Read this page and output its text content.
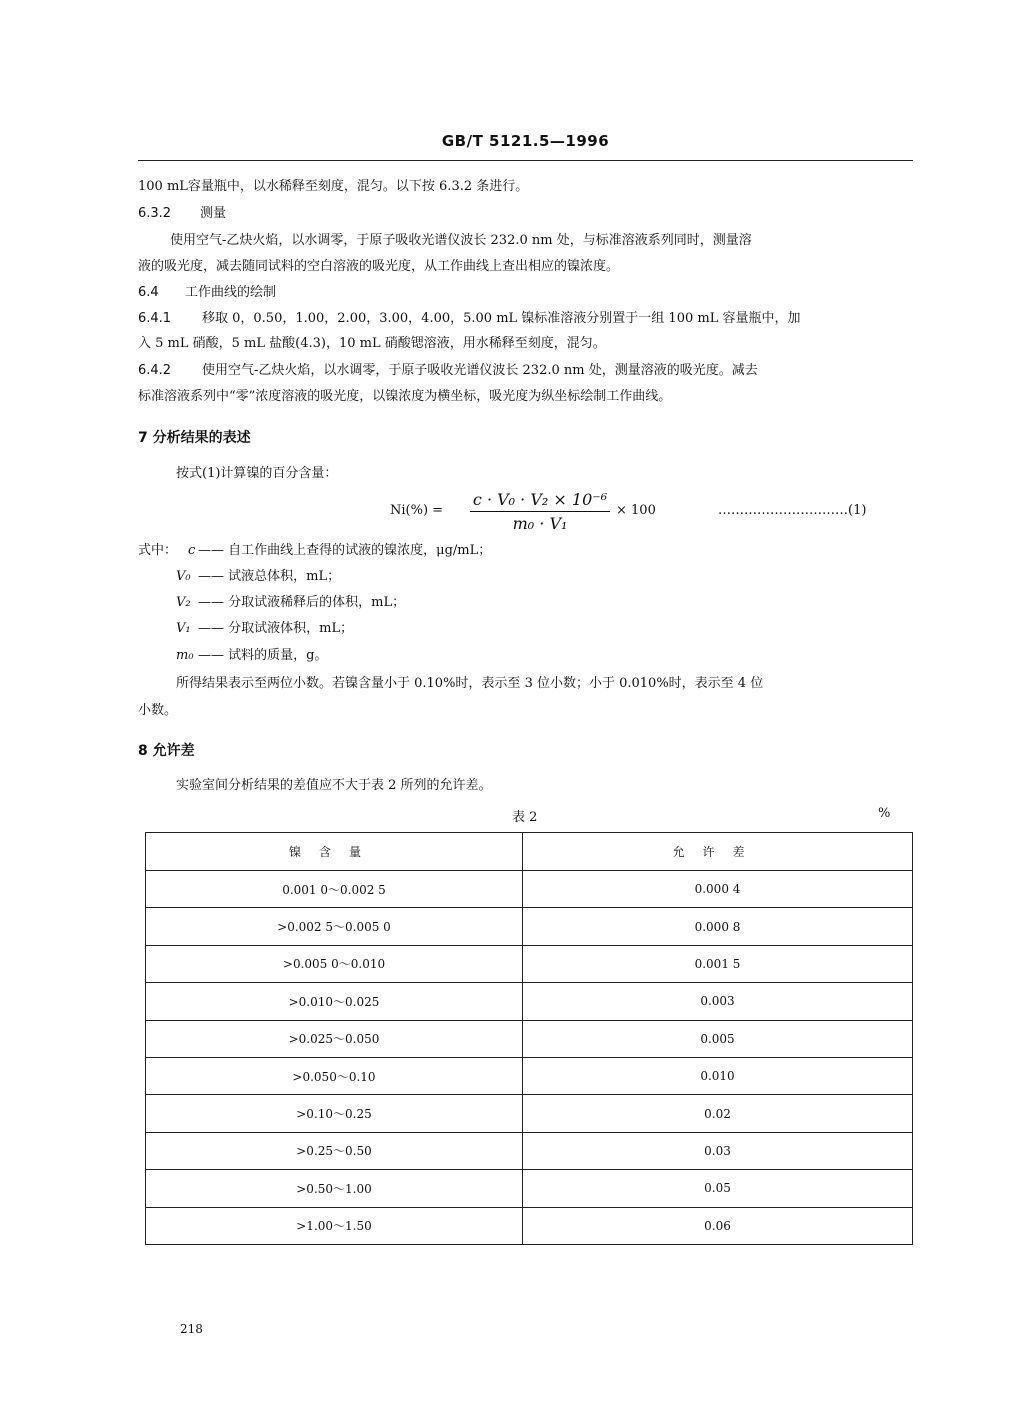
GB/T 5121.5—1996
100 mL容量瓶中，以水稀释至刻度，混匀。以下按 6.3.2 条进行。
6.3.2 测量
使用空气-乙炔火焰，以水调零，于原子吸收光谱仪波长 232.0 nm 处，与标准溶液系列同时，测量溶
液的吸光度，减去随同试料的空白溶液的吸光度，从工作曲线上查出相应的镍浓度。
6.4 工作曲线的绘制
6.4.1 移取 0，0.50，1.00，2.00，3.00，4.00，5.00 mL 镍标准溶液分别置于一组 100 mL 容量瓶中，加
入 5 mL 硝酸，5 mL 盐酸(4.3)，10 mL 硝酸锶溶液，用水稀释至刻度，混匀。
6.4.2 使用空气-乙炔火焰，以水调零，于原子吸收光谱仪波长 232.0 nm 处，测量溶液的吸光度。减去
标准溶液系列中“零”浓度溶液的吸光度，以镍浓度为横坐标，吸光度为纵坐标绘制工作曲线。
7 分析结果的表述
按式(1)计算镍的百分含量：
Ni(%) =
c · V₀ · V₂ × 10⁻⁶
m₀ · V₁
× 100	…………………………(1)
式中： c —— 自工作曲线上查得的试液的镍浓度，μg/mL；
V₀ —— 试液总体积，mL；
V₂ —— 分取试液稀释后的体积，mL；
V₁ —— 分取试液体积，mL；
m₀ —— 试料的质量，g。
所得结果表示至两位小数。若镍含量小于 0.10%时，表示至 3 位小数；小于 0.010%时，表示至 4 位
小数。
8 允许差
实验室间分析结果的差值应不大于表 2 所列的允许差。
表 2	%
镍含量	允许差
0.001 0～0.002 5	0.000 4
>0.002 5～0.005 0	0.000 8
>0.005 0～0.010	0.001 5
>0.010～0.025	0.003
>0.025～0.050	0.005
>0.050～0.10	0.010
>0.10～0.25	0.02
>0.25～0.50	0.03
>0.50～1.00	0.05
>1.00～1.50	0.06
218
